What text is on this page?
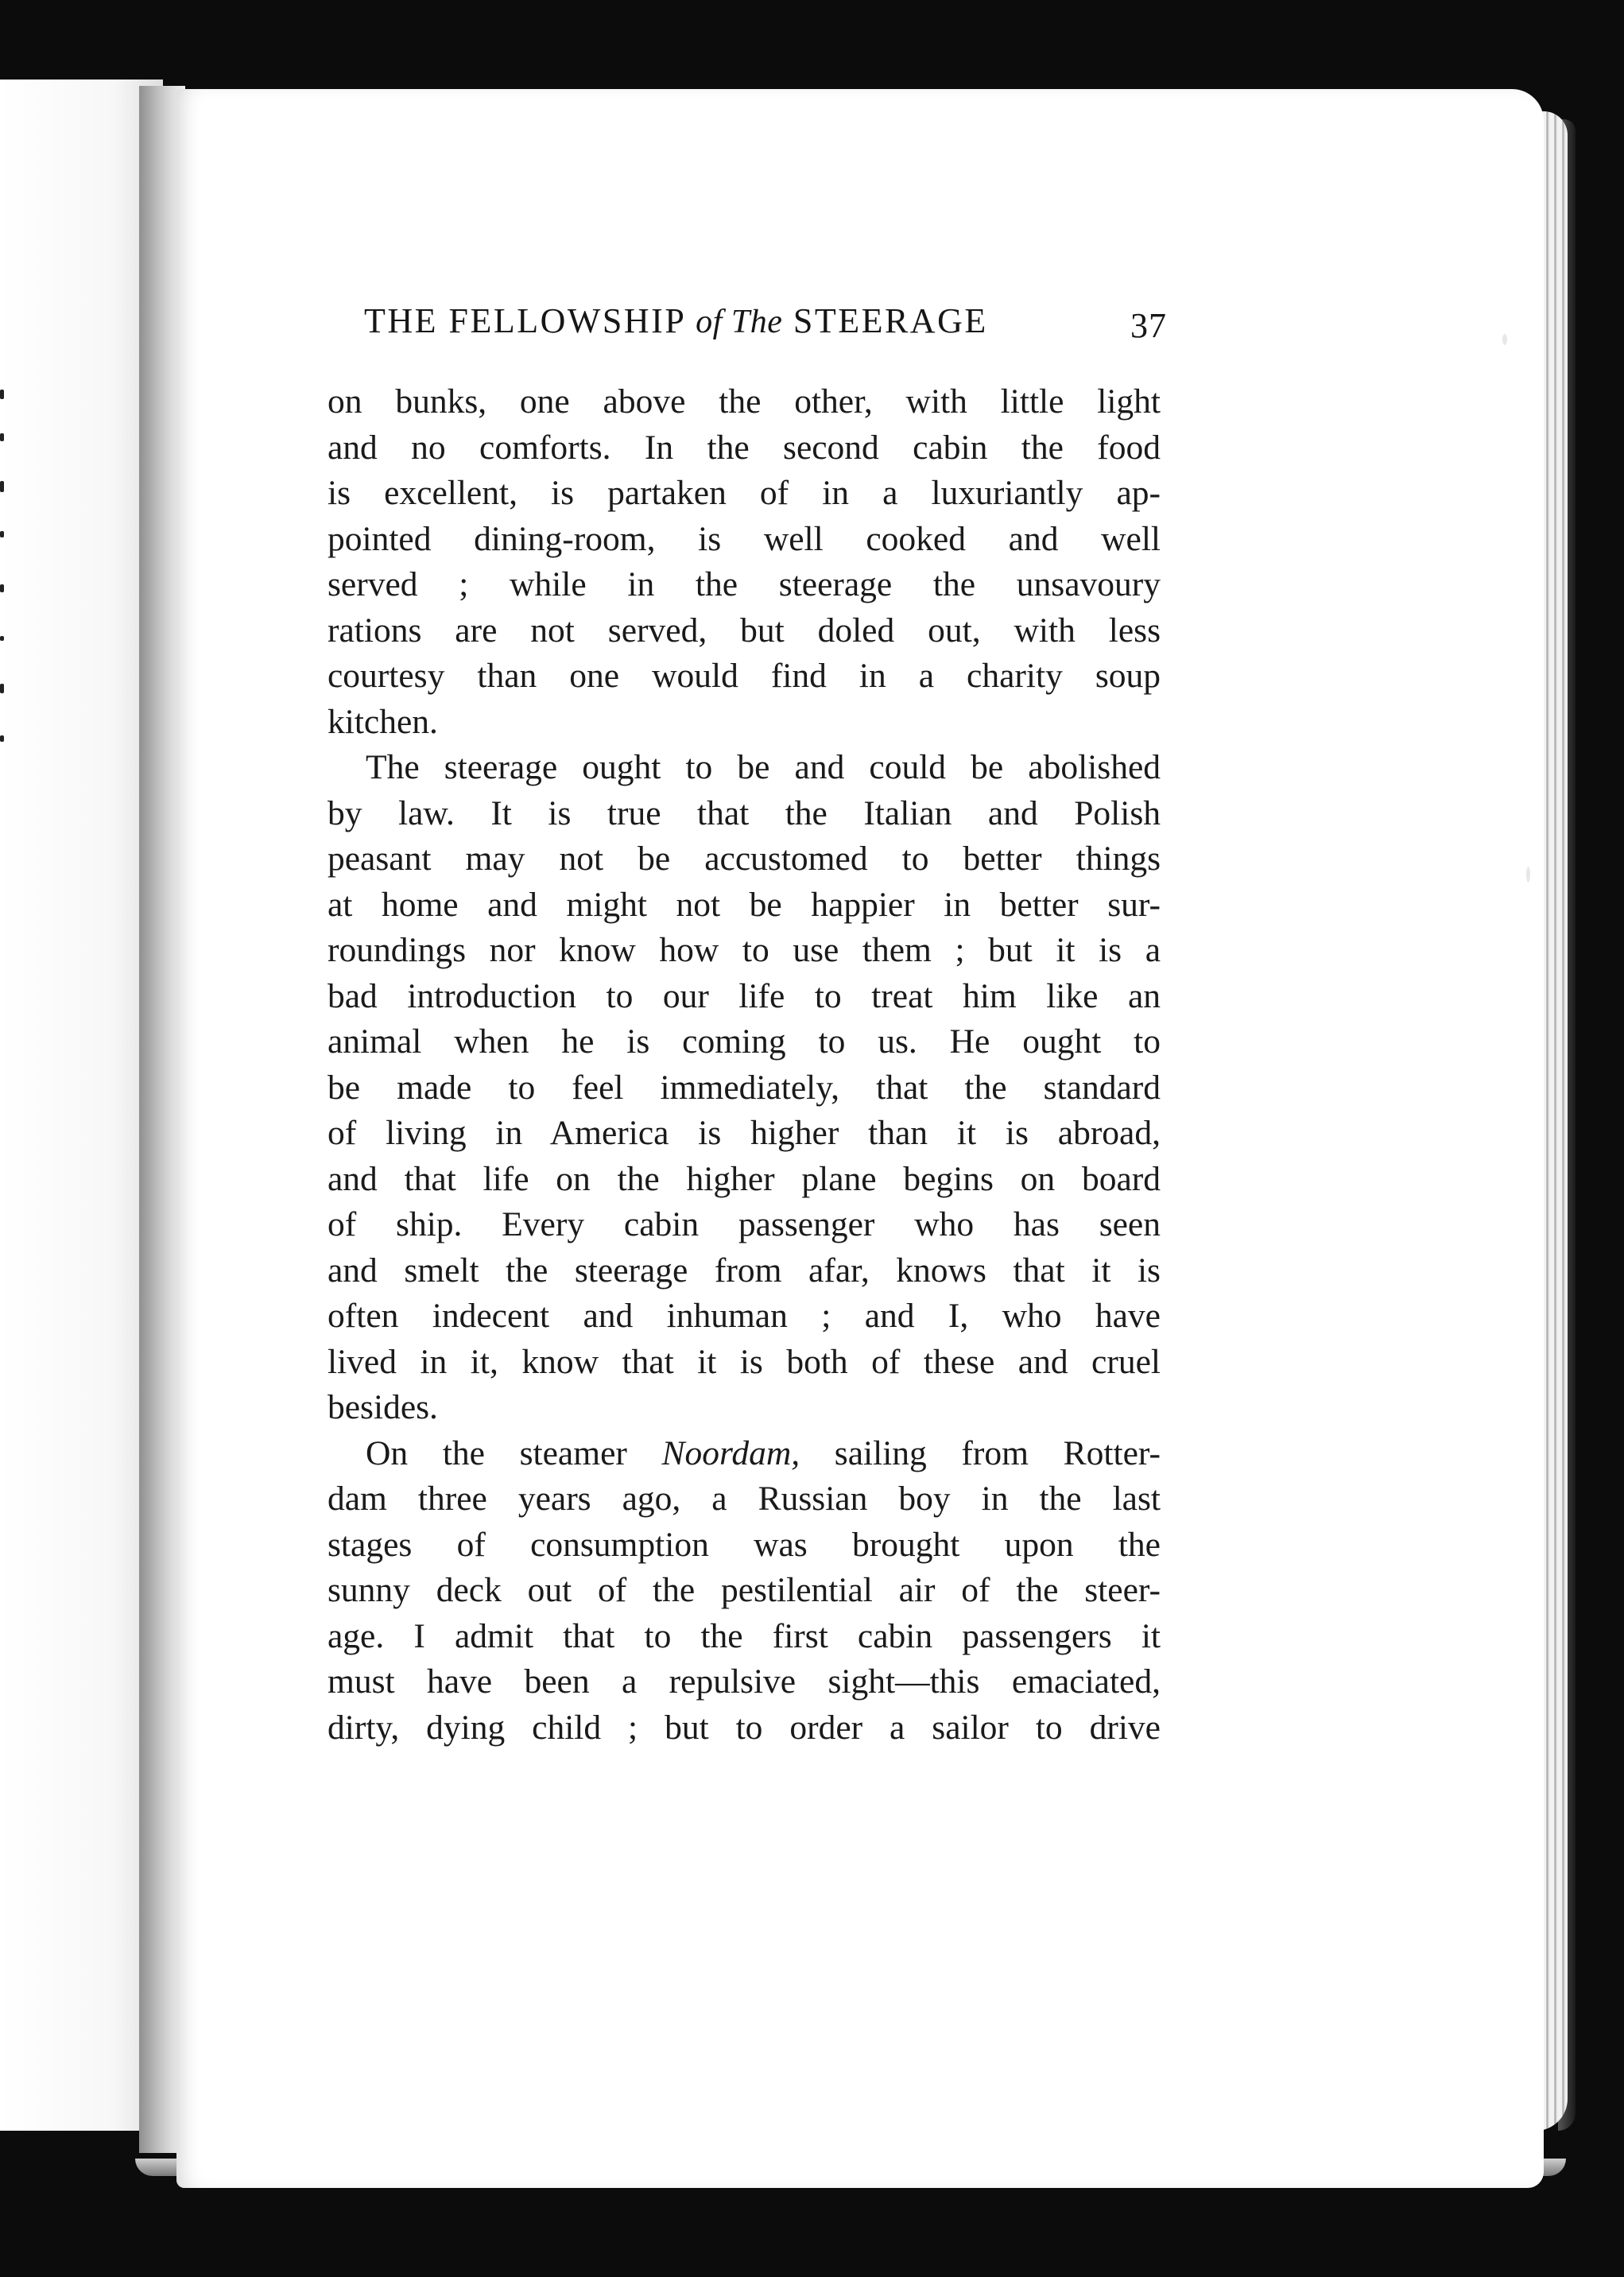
THE FELLOWSHIP of The STEERAGE	37
on bunks, one above the other, with little light
and no comforts. In the second cabin the food
is excellent, is partaken of in a luxuriantly ap-
pointed dining-room, is well cooked and well
served ; while in the steerage the unsavoury
rations are not served, but doled out, with less
courtesy than one would find in a charity soup
kitchen.
The steerage ought to be and could be abolished
by law. It is true that the Italian and Polish
peasant may not be accustomed to better things
at home and might not be happier in better sur-
roundings nor know how to use them ; but it is a
bad introduction to our life to treat him like an
animal when he is coming to us. He ought to
be made to feel immediately, that the standard
of living in America is higher than it is abroad,
and that life on the higher plane begins on board
of ship. Every cabin passenger who has seen
and smelt the steerage from afar, knows that it is
often indecent and inhuman ; and I, who have
lived in it, know that it is both of these and cruel
besides.
On the steamer Noordam, sailing from Rotter-
dam three years ago, a Russian boy in the last
stages of consumption was brought upon the
sunny deck out of the pestilential air of the steer-
age. I admit that to the first cabin passengers it
must have been a repulsive sight—this emaciated,
dirty, dying child ; but to order a sailor to drive
